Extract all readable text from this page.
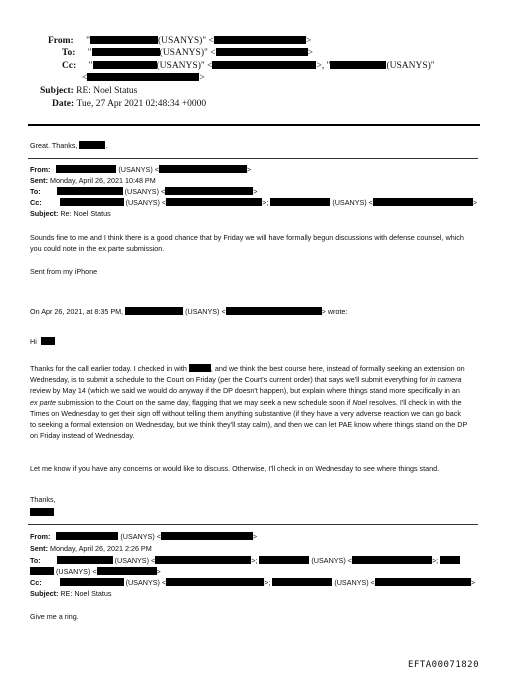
From: "	(USANYS)" <	>
To: "	(USANYS)" <	>
Cc: "	(USANYS)" <	>, "	(USANYS)"
<	>
Subject: RE: Noel Status
Date: Tue, 27 Apr 2021 02:48:34 +0000
Great. Thanks,	.
From:	(USANYS) <	>
Sent: Monday, April 26, 2021 10:48 PM
To:	(USANYS) <	>
Cc:	(USANYS) <	>;	(USANYS) <	>
Subject: Re: Noel Status
Sounds fine to me and I think there is a good chance that by Friday we will have formally begun discussions with defense counsel, which you could note in the ex parte submission.
Sent from my iPhone
On Apr 26, 2021, at 8:35 PM,	(USANYS) <	> wrote:
Hi
Thanks for the call earlier today. I checked in with	, and we think the best course here, instead of formally seeking an extension on Wednesday, is to submit a schedule to the Court on Friday (per the Court's current order) that says we'll submit everything for in camera review by May 14 (which we said we would do anyway if the DP doesn't happen), but explain where things stand more specifically in an ex parte submission to the Court on the same day, flagging that we may seek a new schedule soon if Noel resolves. I'll check in with the Times on Wednesday to get their sign off without telling them anything substantive (if they have a very adverse reaction we can go back to seeking a formal extension on Wednesday, but we think they'll stay calm), and then we can let PAE know where things stand on the DP on Friday instead of Wednesday.
Let me know if you have any concerns or would like to discuss. Otherwise, I'll check in on Wednesday to see where things stand.
Thanks,
From:	(USANYS) <	>
Sent: Monday, April 26, 2021 2:26 PM
To:	(USANYS) <	>;	(USANYS) <	>;
(USANYS) <	>
Cc:	(USANYS) <	>;	(USANYS) <	>
Subject: RE: Noel Status
Give me a ring.
EFTA00071820
